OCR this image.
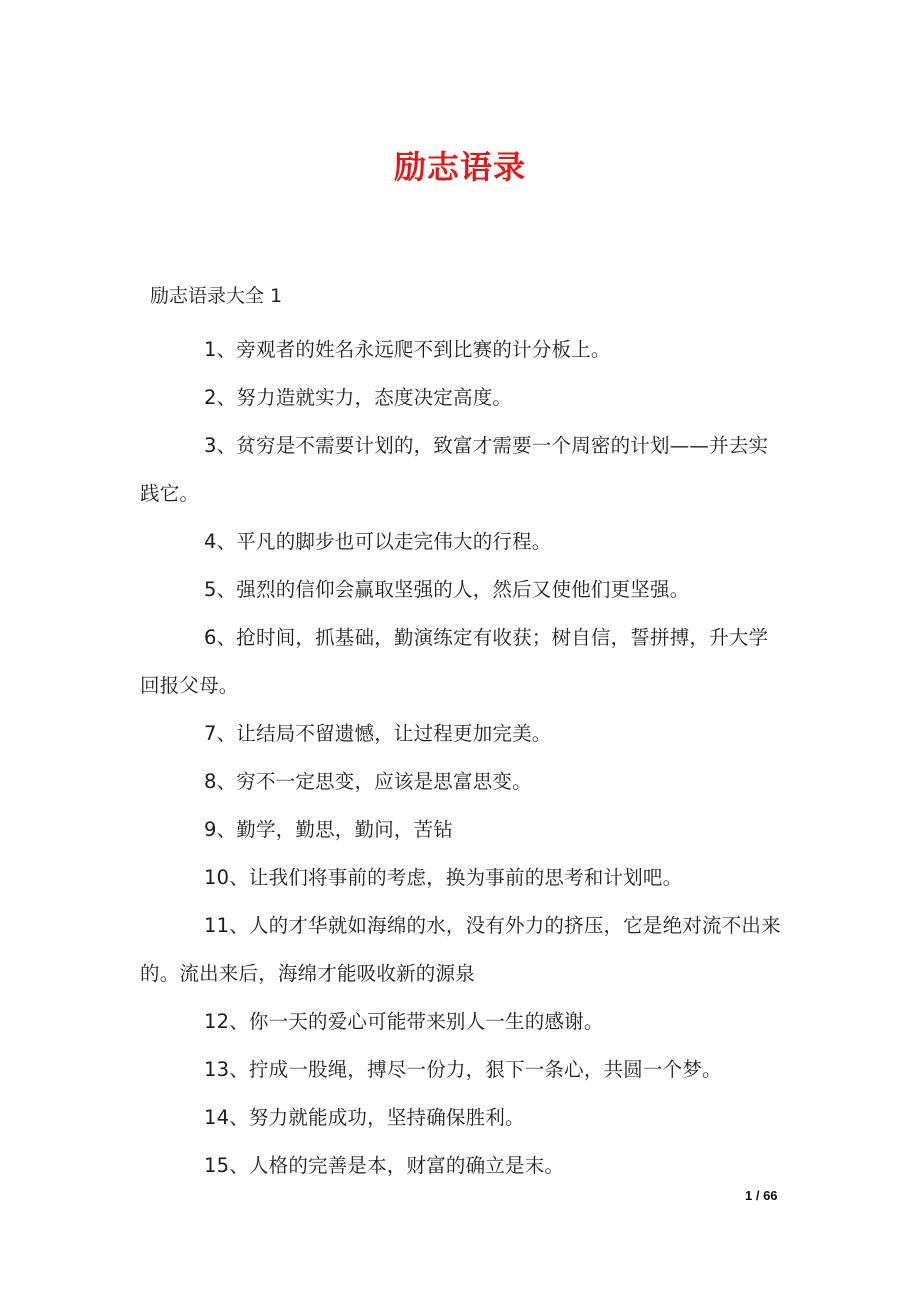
励志语录
励志语录大全 1

1、旁观者的姓名永远爬不到比赛的计分板上。

2、努力造就实力，态度决定高度。

3、贫穷是不需要计划的，致富才需要一个周密的计划——并去实践它。

4、平凡的脚步也可以走完伟大的行程。

5、强烈的信仰会赢取坚强的人，然后又使他们更坚强。

6、抢时间，抓基础，勤演练定有收获；树自信，誓拼搏，升大学回报父母。

7、让结局不留遗憾，让过程更加完美。

8、穷不一定思变，应该是思富思变。

9、勤学，勤思，勤问，苦钻

10、让我们将事前的考虑，换为事前的思考和计划吧。

11、人的才华就如海绵的水，没有外力的挤压，它是绝对流不出来的。流出来后，海绵才能吸收新的源泉

12、你一天的爱心可能带来别人一生的感谢。

13、拧成一股绳，搏尽一份力，狠下一条心，共圆一个梦。

14、努力就能成功，坚持确保胜利。

15、人格的完善是本，财富的确立是末。

1 / 66
